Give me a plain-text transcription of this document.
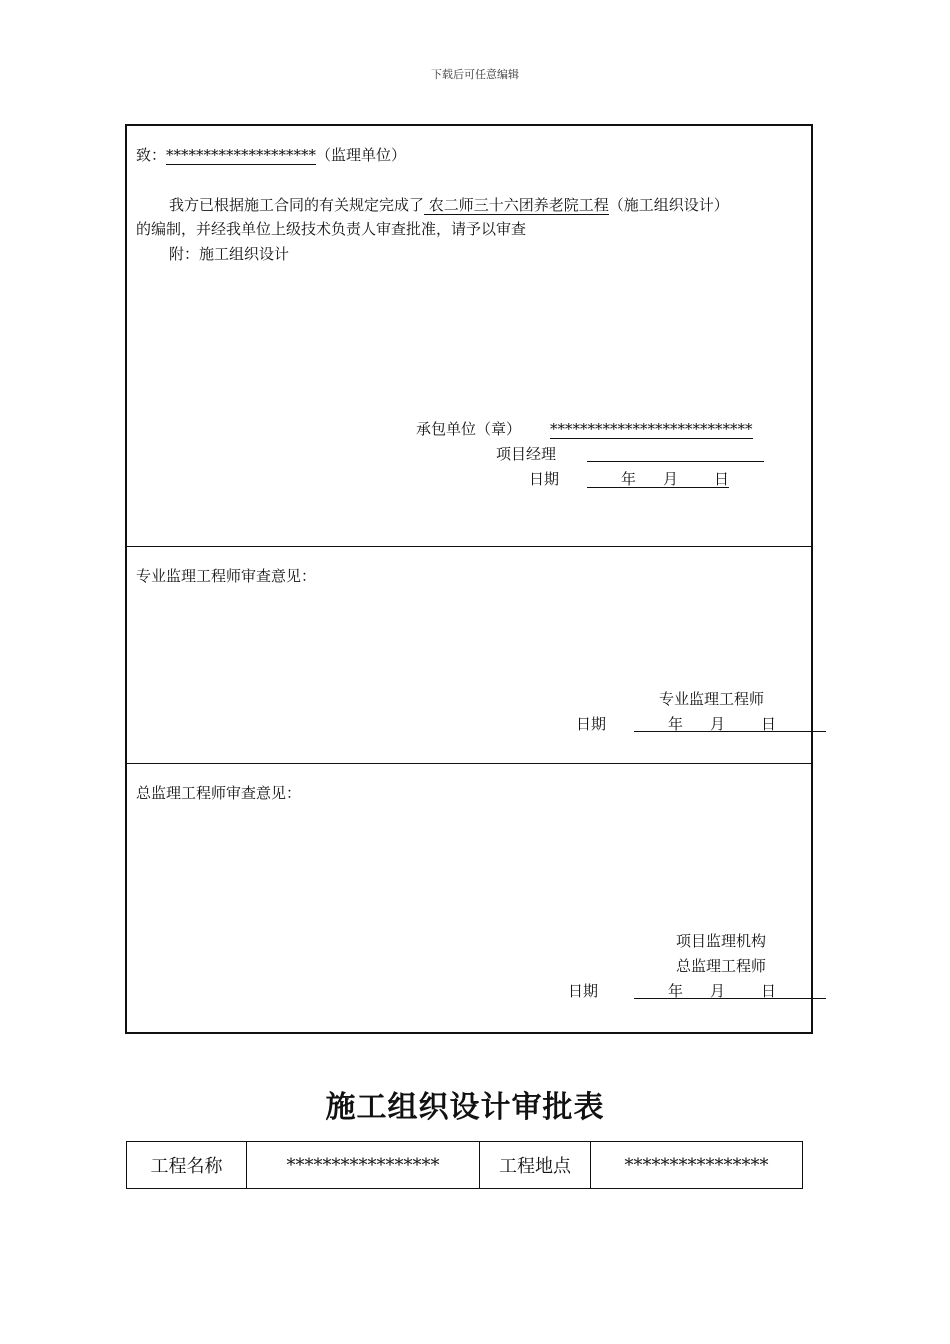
下载后可任意编辑
致：********************（监理单位）
我方已根据施工合同的有关规定完成了 农二师三十六团养老院工程（施工组织设计）
的编制，并经我单位上级技术负责人审查批准，请予以审查
附：施工组织设计
承包单位（章） ***************************
项目经理
日期	年 月 日
专业监理工程师审查意见：
专业监理工程师
日期	年 月 日
总监理工程师审查意见：
项目监理机构
总监理工程师
日期	年 月 日
施工组织设计审批表
工程名称	*****************	工程地点	****************
